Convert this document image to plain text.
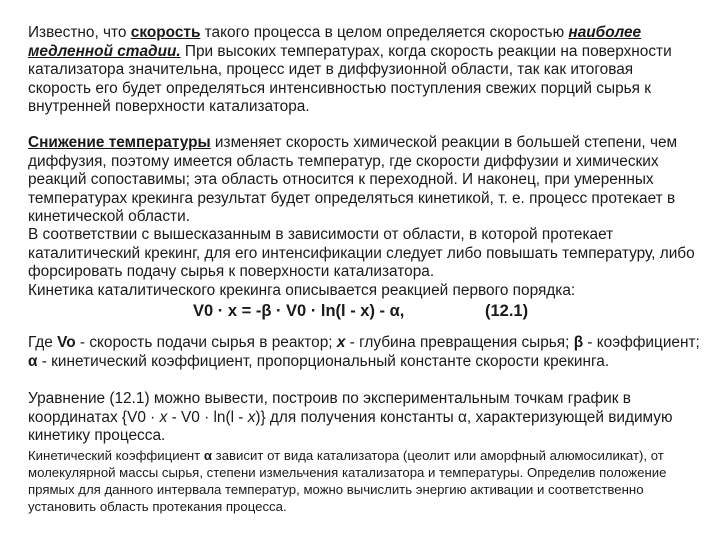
Известно, что скорость такого процесса в целом определяется скоростью наиболее медленной стадии. При высоких температурах, когда скорость реакции на поверхности катализатора значительна, процесс идет в диффузионной области, так как итоговая скорость его будет определяться интенсивностью поступления свежих порций сырья к внутренней поверхности катализатора.

Снижение температуры изменяет скорость химической реакции в большей степени, чем диффузия, поэтому имеется область температур, где скорости диффузии и химических реакций сопоставимы; эта область относится к переходной. И наконец, при умеренных температурах крекинга результат будет определяться кинетикой, т. е. процесс протекает в кинетической области.

В соответствии с вышесказанным в зависимости от области, в которой протекает каталитический крекинг, для его интенсификации следует либо повышать температуру, либо форсировать подачу сырья к поверхности катализатора.

Кинетика каталитического крекинга описывается реакцией первого порядка:

V0 · x = -β · V0 · ln(l - x) - α,	(12.1)

Где Vo - скорость подачи сырья в реактор; x - глубина превращения сырья; β - коэффициент; α - кинетический коэффициент, пропорциональный константе скорости крекинга.

Уравнение (12.1) можно вывести, построив по экспериментальным точкам график в координатах {V0 · x - V0 · ln(l - x)} для получения константы α, характеризующей видимую кинетику процесса.

Кинетический коэффициент α зависит от вида катализатора (цеолит или аморфный алюмосиликат), от молекулярной массы сырья, степени измельчения катализатора и температуры. Определив положение прямых для данного интервала температур, можно вычислить энергию активации и соответственно установить область протекания процесса.
